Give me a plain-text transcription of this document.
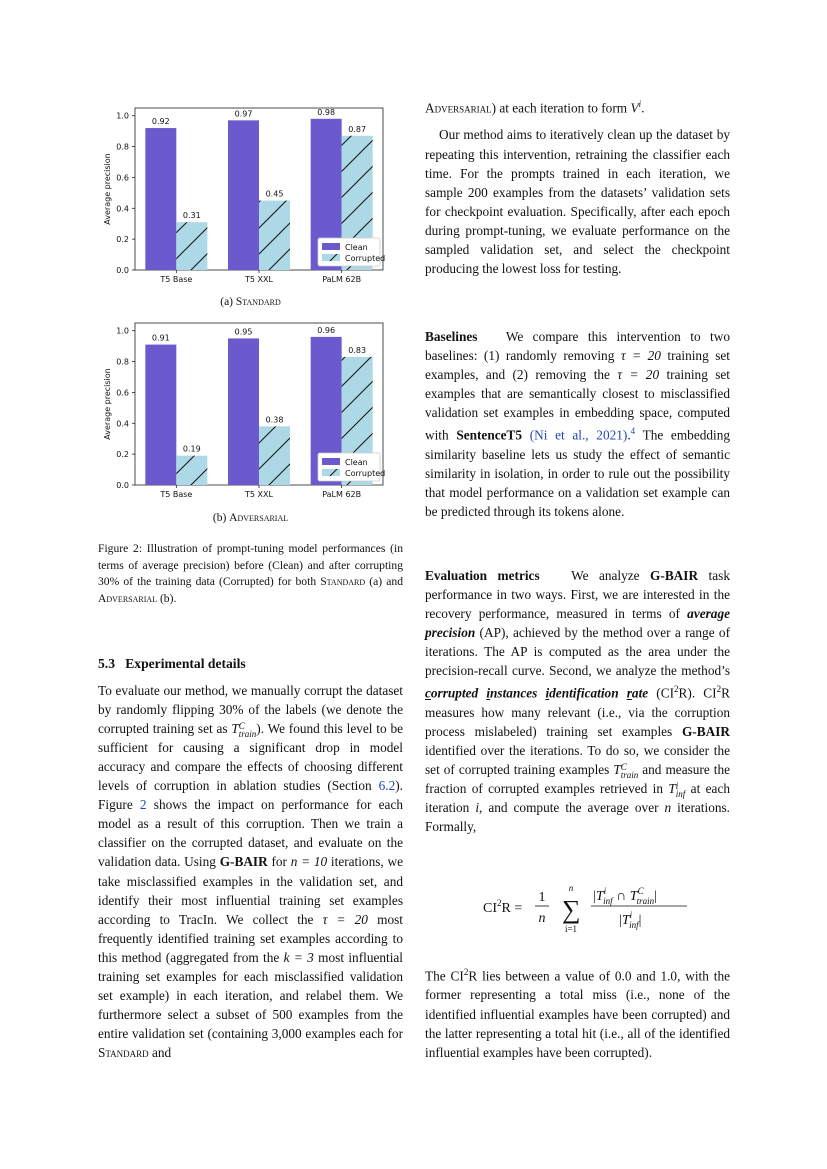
0.0
0.2
0.4
0.6
0.8
1.0
Average precision
T5 Base
0.92
0.31
T5 XXL
0.97
0.45
PaLM 62B
0.98
0.87
Clean
Corrupted
(a) Standard
0.0
0.2
0.4
0.6
0.8
1.0
Average precision
T5 Base
0.91
0.19
T5 XXL
0.95
0.38
PaLM 62B
0.96
0.83
Clean
Corrupted
(b) Adversarial
Figure 2: Illustration of prompt-tuning model performances (in terms of average precision) before (Clean) and after corrupting 30% of the training data (Corrupted) for both Standard (a) and Adversarial (b).
5.3 Experimental details

To evaluate our method, we manually corrupt the dataset by randomly flipping 30% of the labels (we denote the corrupted training set as T C
train ). We found this level to be sufficient for causing a significant drop in model accuracy and compare the effects of choosing different levels of corruption in ablation studies (Section 6.2). Figure 2 shows the impact on performance for each model as a result of this corruption. Then we train a classifier on the corrupted dataset, and evaluate on the validation data. Using G-BAIR for n = 10 iterations, we take misclassified examples in the validation set, and identify their most influential training set examples according to TracIn. We collect the τ = 20 most frequently identified training set examples according to this method (aggregated from the k = 3 most influential training set examples for each misclassified validation set example) in each iteration, and relabel them. We furthermore select a subset of 500 examples from the entire validation set (containing 3,000 examples each for Standard and

Adversarial) at each iteration to form $V^i$.

Our method aims to iteratively clean up the dataset by repeating this intervention, retraining the classifier each time. For the prompts trained in each iteration, we sample 200 examples from the datasets’ validation sets for checkpoint evaluation. Specifically, after each epoch during prompt-tuning, we evaluate performance on the sampled validation set, and select the checkpoint producing the lowest loss for testing.

Baselines We compare this intervention to two baselines: (1) randomly removing τ = 20 training set examples, and (2) removing the τ = 20 training set examples that are semantically closest to misclassified validation set examples in embedding space, computed with SentenceT5 (Ni et al., 2021).$^4$ The embedding similarity baseline lets us study the effect of semantic similarity in isolation, in order to rule out the possibility that model performance on a validation set example can be predicted through its tokens alone.

Evaluation metrics We analyze G-BAIR task performance in two ways. First, we are interested in the recovery performance, measured in terms of average precision (AP), achieved by the method over a range of iterations. The AP is computed as the area under the precision-recall curve. Second, we analyze the method’s corrupted instances identification rate $(CI^2R)$. $CI^2R$ measures how many relevant (i.e., via the corruption process mislabeled) training set examples G-BAIR identified over the iterations. To do so, we consider the set of corrupted training examples T C
train and measure the fraction of corrupted examples retrieved in T i
inf at each iteration i, and compute the average over n iterations. Formally,

$CI^2R$ =
1
n ∑
n
i=1
$|T^i$ inf ∩ $T^C$ train|
$|T^i$ inf|

The $CI^2R$ lies between a value of 0.0 and 1.0, with the former representing a total miss (i.e., none of the identified influential examples have been corrupted) and the latter representing a total hit (i.e., all of the identified influential examples have been corrupted).
